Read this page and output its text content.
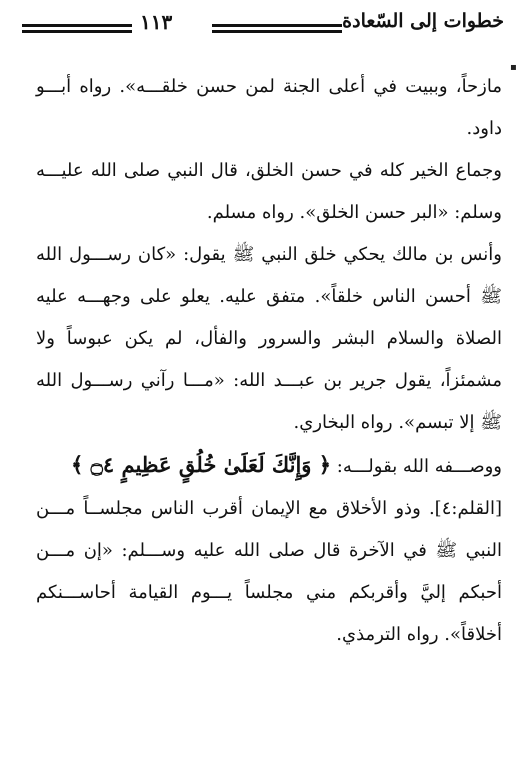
١١٣	خطوات إلى السّعادة
▪

مازحاً، وببيت في أعلى الجنة لمن حسن خلقـــه». رواه أبـــو داود.

وجماع الخير كله في حسن الخلق، قال النبي صلى الله عليـــه وسلم: «البر حسن الخلق». رواه مسلم.

وأنس بن مالك يحكي خلق النبي ﷺ يقول: «كان رســـول الله ﷺ أحسن الناس خلقاً». متفق عليه. يعلو على وجهـــه عليه الصلاة والسلام البشر والسرور والفأل، لم يكن عبوساً ولا مشمئزاً، يقول جرير بن عبـــد الله: «مـــا رآني رســـول الله ﷺ إلا تبسم». رواه البخاري.

ووصـــفه الله بقولـــه: ﴿ وَإِنَّكَ لَعَلَىٰ خُلُقٍ عَظِيمٍ ۝٤ ﴾

[القلم:٤]. وذو الأخلاق مع الإيمان أقرب الناس مجلســاً مـــن النبي ﷺ في الآخرة قال صلى الله عليه وســـلم: «إن مـــن أحبكم إليَّ وأقربكم مني مجلساً يـــوم القيامة أحاســـنكم أخلاقاً». رواه الترمذي.
